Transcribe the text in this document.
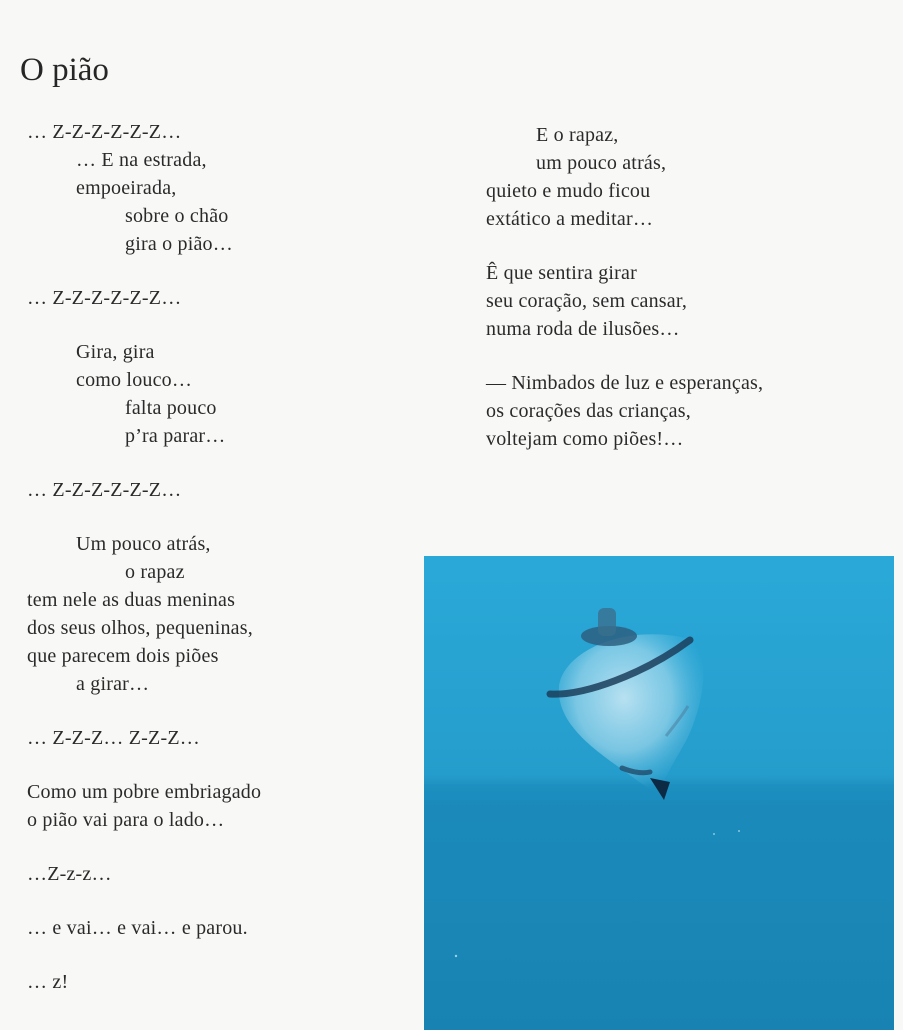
O pião
… Z-Z-Z-Z-Z-Z…
… E na estrada,
empoeirada,
sobre o chão
gira o pião…
… Z-Z-Z-Z-Z-Z…
Gira, gira
como louco…
falta pouco
p’ra parar…
… Z-Z-Z-Z-Z-Z…
Um pouco atrás,
o rapaz
tem nele as duas meninas
dos seus olhos, pequeninas,
que parecem dois piões
a girar…
… Z-Z-Z… Z-Z-Z…
Como um pobre embriagado
o pião vai para o lado…
…Z-z-z…
… e vai… e vai… e parou.
… z!
E o rapaz,
um pouco atrás,
quieto e mudo ficou
extático a meditar…
Ê que sentira girar
seu coração, sem cansar,
numa roda de ilusões…
— Nimbados de luz e esperanças,
os corações das crianças,
voltejam como piões!…
